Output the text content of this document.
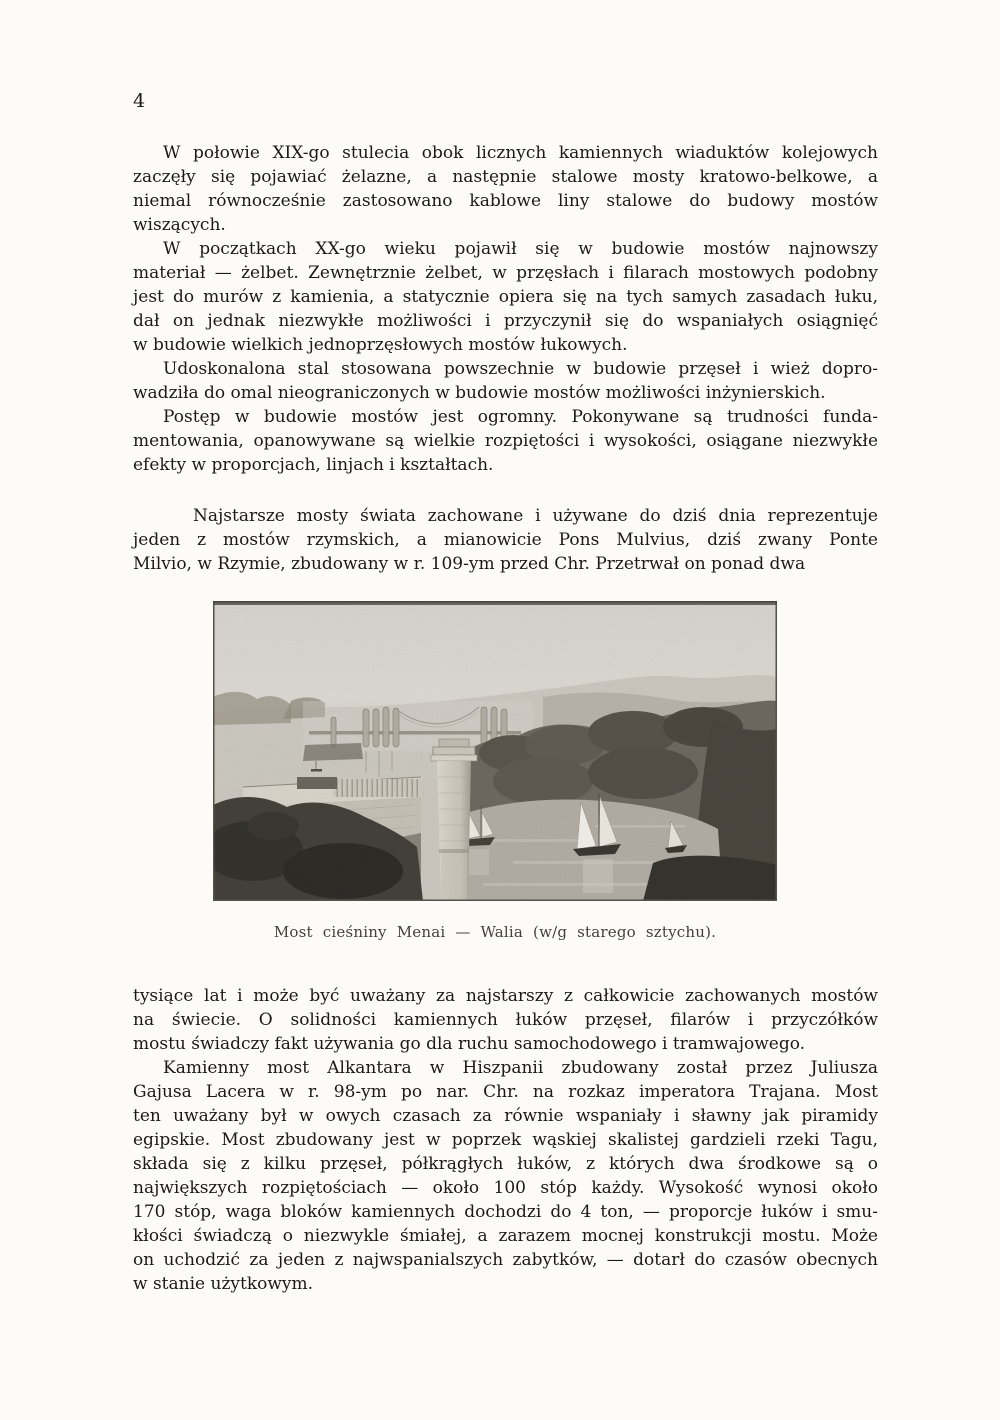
4

W połowie XIX-go stulecia obok licznych kamiennych wiaduktów kolejowych
zaczęły się pojawiać żelazne, a następnie stalowe mosty kratowo-belkowe, a
niemal równocześnie zastosowano kablowe liny stalowe do budowy mostów
wiszących.

W początkach XX-go wieku pojawił się w budowie mostów najnowszy
materiał — żelbet. Zewnętrznie żelbet, w przęsłach i filarach mostowych podobny
jest do murów z kamienia, a statycznie opiera się na tych samych zasadach łuku,
dał on jednak niezwykłe możliwości i przyczynił się do wspaniałych osiągnięć
w budowie wielkich jednoprzęsłowych mostów łukowych.

Udoskonalona stal stosowana powszechnie w budowie przęseł i wież dopro-
wadziła do omal nieograniczonych w budowie mostów możliwości inżynierskich.

Postęp w budowie mostów jest ogromny. Pokonywane są trudności funda-
mentowania, opanowywane są wielkie rozpiętości i wysokości, osiągane niezwykłe
efekty w proporcjach, linjach i kształtach.

Najstarsze mosty świata zachowane i używane do dziś dnia reprezentuje
jeden z mostów rzymskich, a mianowicie Pons Mulvius, dziś zwany Ponte
Milvio, w Rzymie, zbudowany w r. 109-ym przed Chr. Przetrwał on ponad dwa

Most cieśniny Menai — Walia (w/g starego sztychu).

tysiące lat i może być uważany za najstarszy z całkowicie zachowanych mostów
na świecie. O solidności kamiennych łuków przęseł, filarów i przyczółków
mostu świadczy fakt używania go dla ruchu samochodowego i tramwajowego.

Kamienny most Alkantara w Hiszpanii zbudowany został przez Juliusza
Gajusa Lacera w r. 98-ym po nar. Chr. na rozkaz imperatora Trajana. Most
ten uważany był w owych czasach za równie wspaniały i sławny jak piramidy
egipskie. Most zbudowany jest w poprzek wąskiej skalistej gardzieli rzeki Tagu,
składa się z kilku przęseł, półkrągłych łuków, z których dwa środkowe są o
największych rozpiętościach — około 100 stóp każdy. Wysokość wynosi około
170 stóp, waga bloków kamiennych dochodzi do 4 ton, — proporcje łuków i smu-
kłości świadczą o niezwykle śmiałej, a zarazem mocnej konstrukcji mostu. Może
on uchodzić za jeden z najwspanialszych zabytków, — dotarł do czasów obecnych
w stanie użytkowym.
